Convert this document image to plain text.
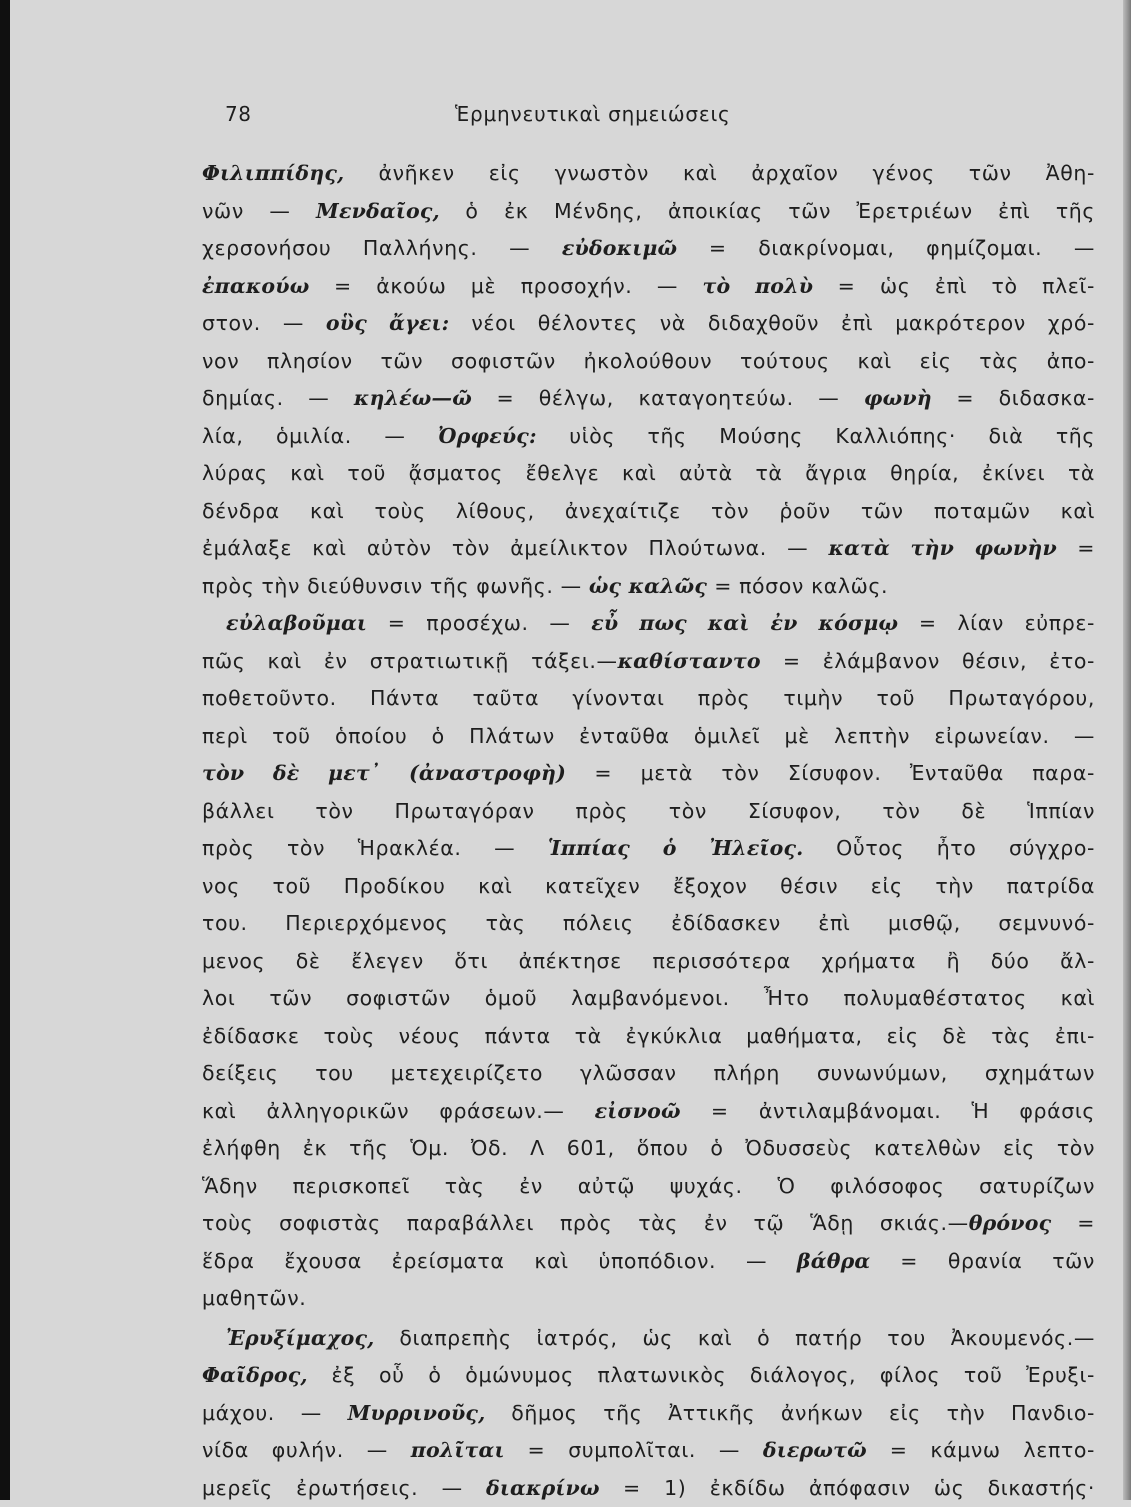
78	Ἑρμηνευτικαὶ σημειώσεις
Φιλιππίδης, ἀνῆκεν εἰς γνωστὸν καὶ ἀρχαῖον γένος τῶν Ἀθη-
νῶν — Μενδαῖος, ὁ ἐκ Μένδης, ἀποικίας τῶν Ἐρετριέων ἐπὶ τῆς
χερσονήσου Παλλήνης. — εὐδοκιμῶ = διακρίνομαι, φημίζομαι. —
ἐπακούω = ἀκούω μὲ προσοχήν. — τὸ πολὺ = ὡς ἐπὶ τὸ πλεῖ-
στον. — οὓς ἄγει: νέοι θέλοντες νὰ διδαχθοῦν ἐπὶ μακρότερον χρό-
νον πλησίον τῶν σοφιστῶν ἠκολούθουν τούτους καὶ εἰς τὰς ἀπο-
δημίας. — κηλέω—ῶ = θέλγω, καταγοητεύω. — φωνὴ = διδασκα-
λία, ὁμιλία. — Ὀρφεύς: υἱὸς τῆς Μούσης Καλλιόπης· διὰ τῆς
λύρας καὶ τοῦ ᾄσματος ἔθελγε καὶ αὐτὰ τὰ ἄγρια θηρία, ἐκίνει τὰ
δένδρα καὶ τοὺς λίθους, ἀνεχαίτιζε τὸν ῥοῦν τῶν ποταμῶν καὶ
ἐμάλαξε καὶ αὐτὸν τὸν ἀμείλικτον Πλούτωνα. — κατὰ τὴν φωνὴν =
πρὸς τὴν διεύθυνσιν τῆς φωνῆς. — ὡς καλῶς = πόσον καλῶς.
εὐλαβοῦμαι = προσέχω. — εὖ πως καὶ ἐν κόσμῳ = λίαν εὐπρε-
πῶς καὶ ἐν στρατιωτικῇ τάξει.—καθίσταντο = ἐλάμβανον θέσιν, ἐτο-
ποθετοῦντο. Πάντα ταῦτα γίνονται πρὸς τιμὴν τοῦ Πρωταγόρου,
περὶ τοῦ ὁποίου ὁ Πλάτων ἐνταῦθα ὁμιλεῖ μὲ λεπτὴν εἰρωνείαν. —
τὸν δὲ μετ᾽ (ἀναστροφὴ) = μετὰ τὸν Σίσυφον. Ἐνταῦθα παρα-
βάλλει τὸν Πρωταγόραν πρὸς τὸν Σίσυφον, τὸν δὲ Ἱππίαν
πρὸς τὸν Ἡρακλέα. — Ἱππίας ὁ Ἠλεῖος. Οὗτος ἦτο σύγχρο-
νος τοῦ Προδίκου καὶ κατεῖχεν ἔξοχον θέσιν εἰς τὴν πατρίδα
του. Περιερχόμενος τὰς πόλεις ἐδίδασκεν ἐπὶ μισθῷ, σεμνυνό-
μενος δὲ ἔλεγεν ὅτι ἀπέκτησε περισσότερα χρήματα ἢ δύο ἄλ-
λοι τῶν σοφιστῶν ὁμοῦ λαμβανόμενοι. Ἦτο πολυμαθέστατος καὶ
ἐδίδασκε τοὺς νέους πάντα τὰ ἐγκύκλια μαθήματα, εἰς δὲ τὰς ἐπι-
δείξεις του μετεχειρίζετο γλῶσσαν πλήρη συνωνύμων, σχημάτων
καὶ ἀλληγορικῶν φράσεων.— εἰσνοῶ = ἀντιλαμβάνομαι. Ἡ φράσις
ἐλήφθη ἐκ τῆς Ὁμ. Ὀδ. Λ 601, ὅπου ὁ Ὀδυσσεὺς κατελθὼν εἰς τὸν
Ἅδην περισκοπεῖ τὰς ἐν αὐτῷ ψυχάς. Ὁ φιλόσοφος σατυρίζων
τοὺς σοφιστὰς παραβάλλει πρὸς τὰς ἐν τῷ Ἅδῃ σκιάς.—θρόνος =
ἕδρα ἔχουσα ἐρείσματα καὶ ὑποπόδιον. — βάθρα = θρανία τῶν
μαθητῶν.
Ἐρυξίμαχος, διαπρεπὴς ἰατρός, ὡς καὶ ὁ πατήρ του Ἀκουμενός.—
Φαῖδρος, ἐξ οὗ ὁ ὁμώνυμος πλατωνικὸς διάλογος, φίλος τοῦ Ἐρυξι-
μάχου. — Μυρρινοῦς, δῆμος τῆς Ἀττικῆς ἀνήκων εἰς τὴν Πανδιο-
νίδα φυλήν. — πολῖται = συμπολῖται. — διερωτῶ = κάμνω λεπτο-
μερεῖς ἐρωτήσεις. — διακρίνω = 1) ἐκδίδω ἀπόφασιν ὡς δικαστής·
